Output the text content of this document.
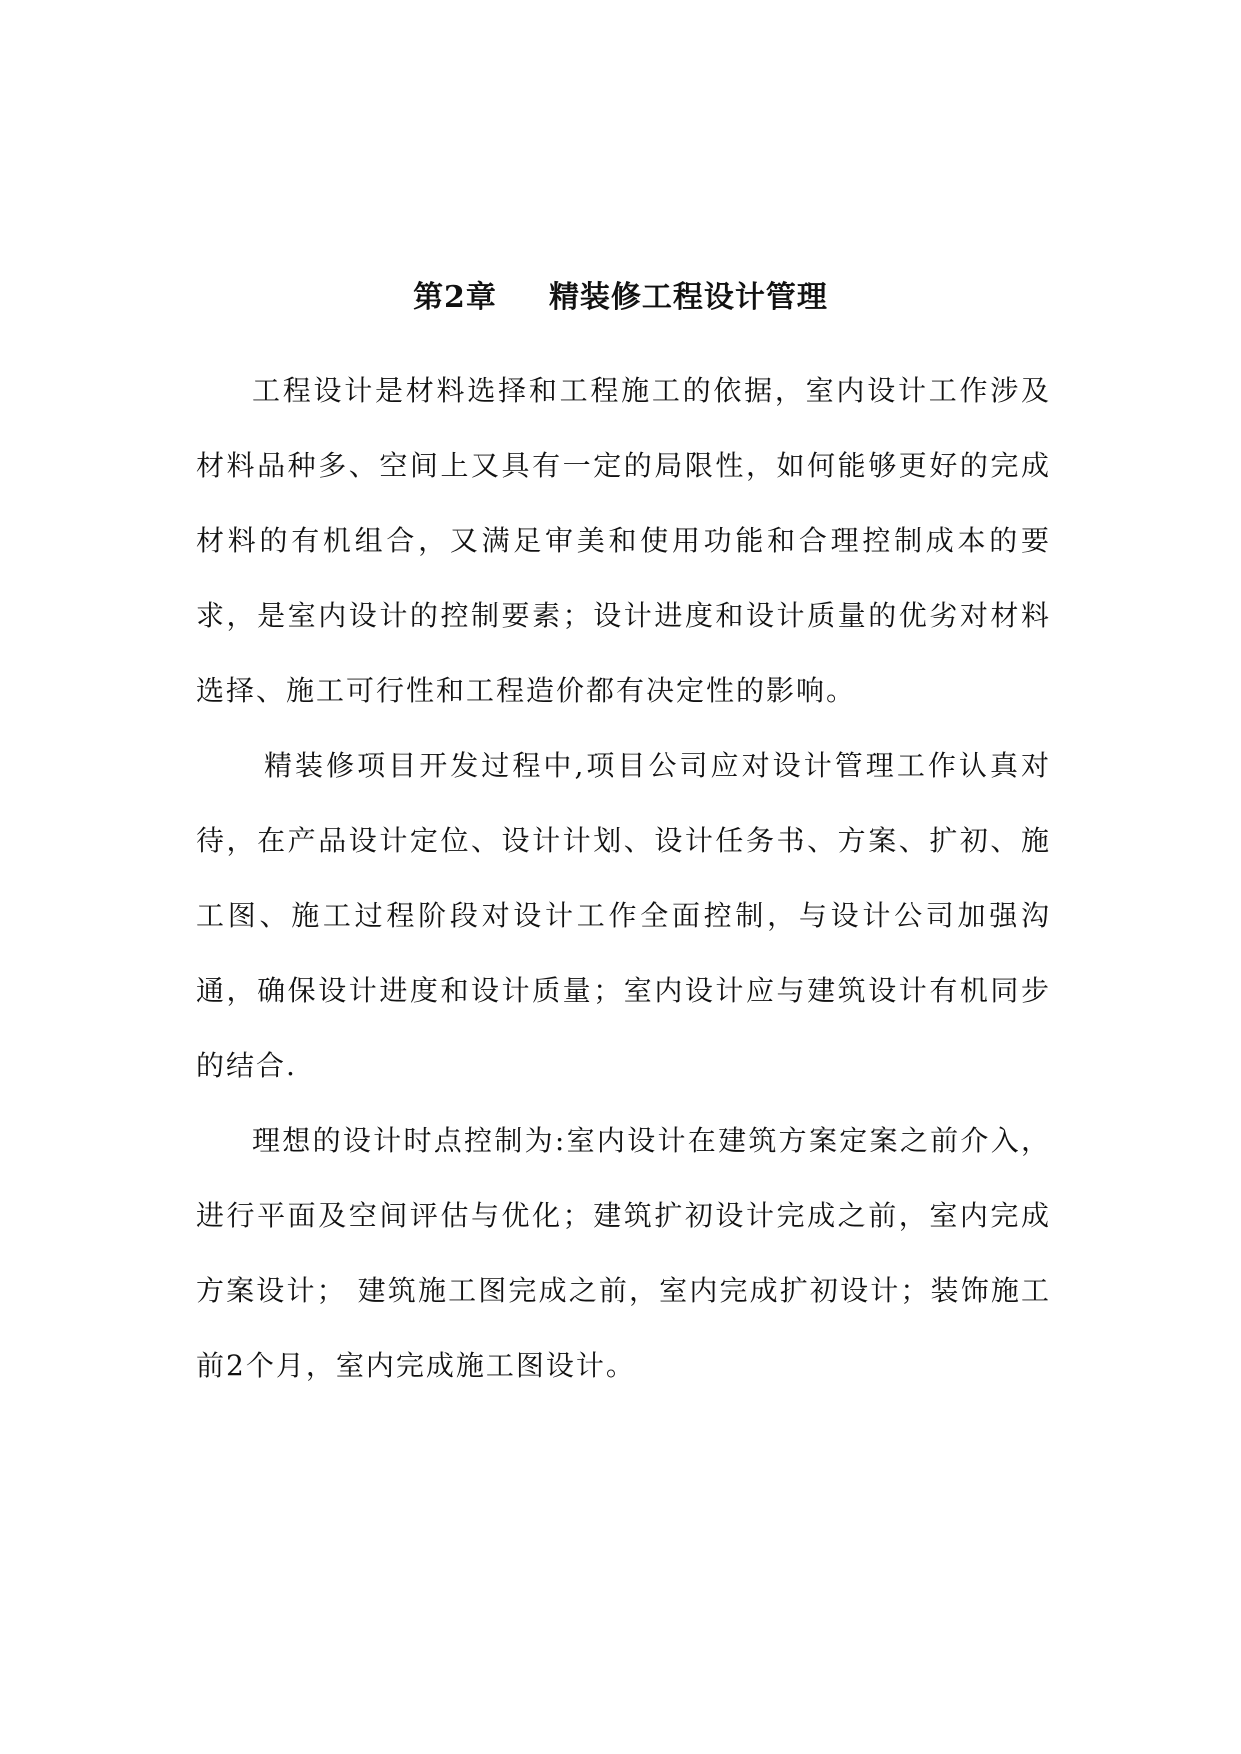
第2章 精装修工程设计管理

工程设计是材料选择和工程施工的依据，室内设计工作涉及材料品种多、空间上又具有一定的局限性，如何能够更好的完成材料的有机组合，又满足审美和使用功能和合理控制成本的要求，是室内设计的控制要素；设计进度和设计质量的优劣对材料选择、施工可行性和工程造价都有决定性的影响。

精装修项目开发过程中,项目公司应对设计管理工作认真对待，在产品设计定位、设计计划、设计任务书、方案、扩初、施工图、施工过程阶段对设计工作全面控制，与设计公司加强沟通，确保设计进度和设计质量；室内设计应与建筑设计有机同步的结合.

理想的设计时点控制为:室内设计在建筑方案定案之前介入，进行平面及空间评估与优化；建筑扩初设计完成之前，室内完成方案设计； 建筑施工图完成之前，室内完成扩初设计；装饰施工前2个月，室内完成施工图设计。
